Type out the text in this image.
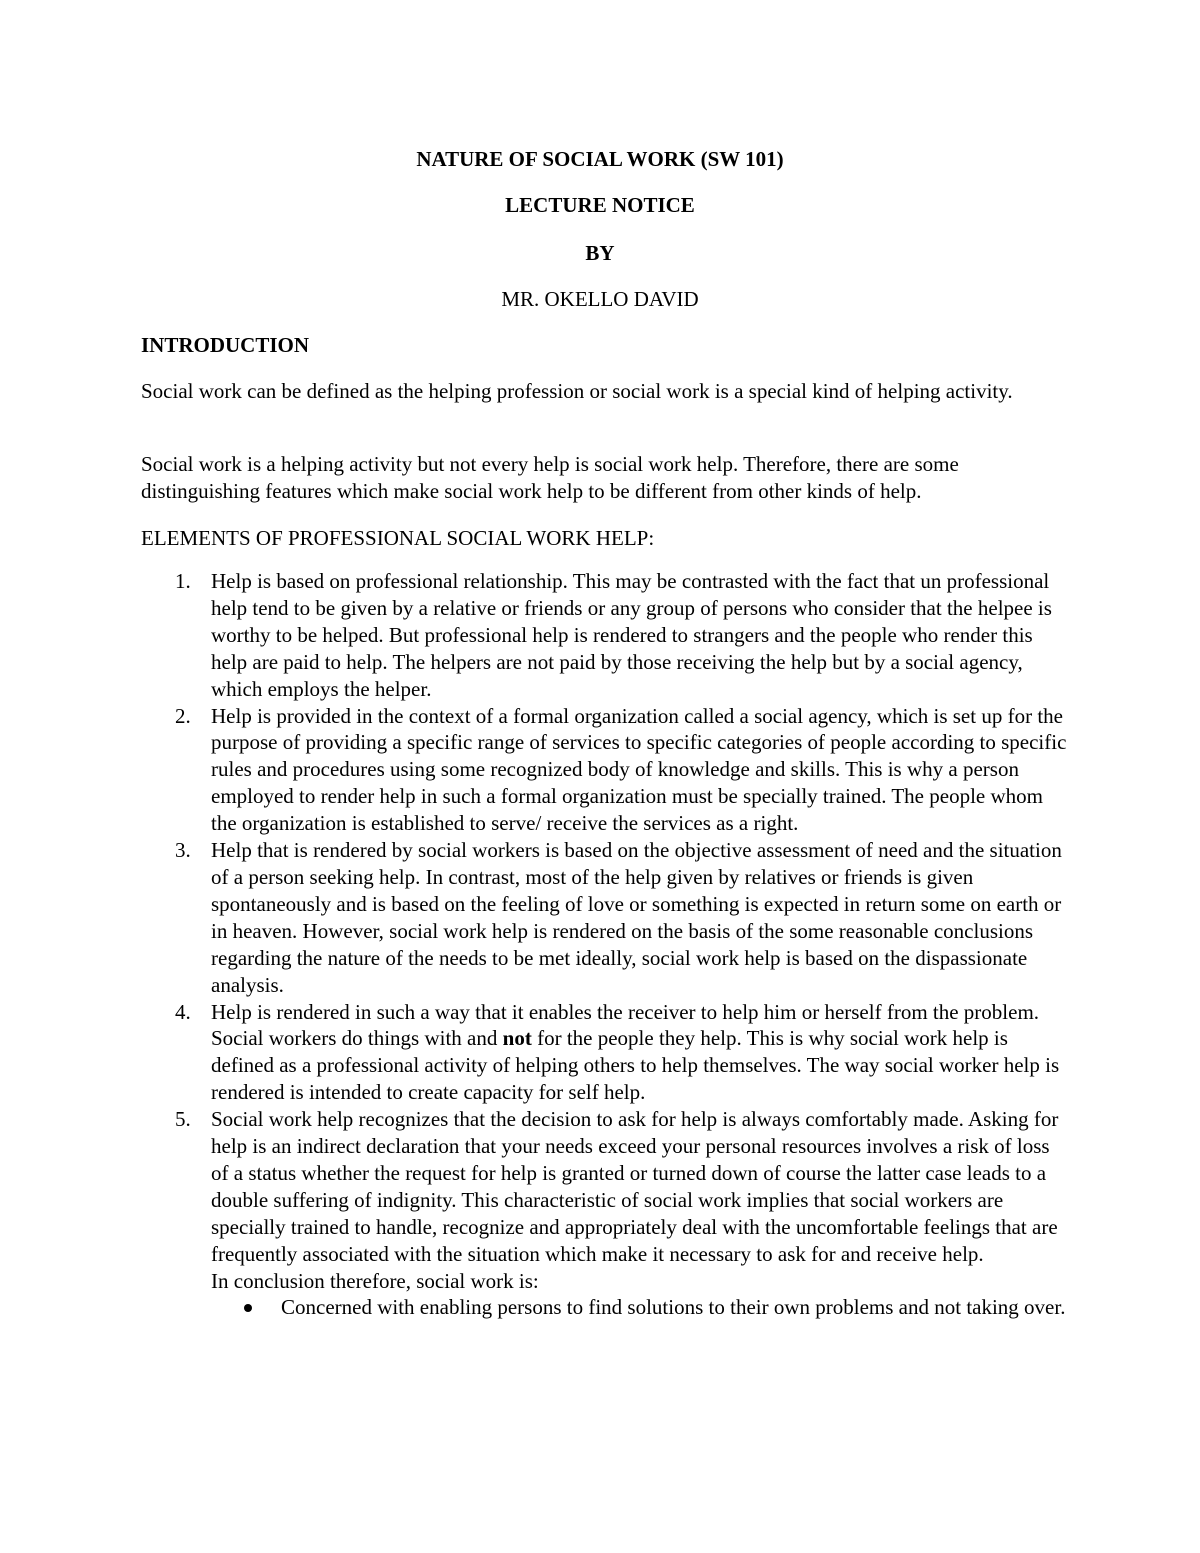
NATURE OF SOCIAL WORK (SW 101)
LECTURE NOTICE
BY
MR. OKELLO DAVID
INTRODUCTION
Social work can be defined as the helping profession or social work is a special kind of helping activity.
Social work is a helping activity but not every help is social work help. Therefore, there are some distinguishing features which make social work help to be different from other kinds of help.
ELEMENTS OF PROFESSIONAL SOCIAL WORK HELP:
1. Help is based on professional relationship. This may be contrasted with the fact that un professional help tend to be given by a relative or friends or any group of persons who consider that the helpee is worthy to be helped. But professional help is rendered to strangers and the people who render this help are paid to help. The helpers are not paid by those receiving the help but by a social agency, which employs the helper.
2. Help is provided in the context of a formal organization called a social agency, which is set up for the purpose of providing a specific range of services to specific categories of people according to specific rules and procedures using some recognized body of knowledge and skills. This is why a person employed to render help in such a formal organization must be specially trained. The people whom the organization is established to serve/ receive the services as a right.
3. Help that is rendered by social workers is based on the objective assessment of need and the situation of a person seeking help. In contrast, most of the help given by relatives or friends is given spontaneously and is based on the feeling of love or something is expected in return some on earth or in heaven. However, social work help is rendered on the basis of the some reasonable conclusions regarding the nature of the needs to be met ideally, social work help is based on the dispassionate analysis.
4. Help is rendered in such a way that it enables the receiver to help him or herself from the problem. Social workers do things with and not for the people they help. This is why social work help is defined as a professional activity of helping others to help themselves. The way social worker help is rendered is intended to create capacity for self help.
5. Social work help recognizes that the decision to ask for help is always comfortably made. Asking for help is an indirect declaration that your needs exceed your personal resources involves a risk of loss of a status whether the request for help is granted or turned down of course the latter case leads to a double suffering of indignity. This characteristic of social work implies that social workers are specially trained to handle, recognize and appropriately deal with the uncomfortable feelings that are frequently associated with the situation which make it necessary to ask for and receive help.
In conclusion therefore, social work is:
Concerned with enabling persons to find solutions to their own problems and not taking over.
